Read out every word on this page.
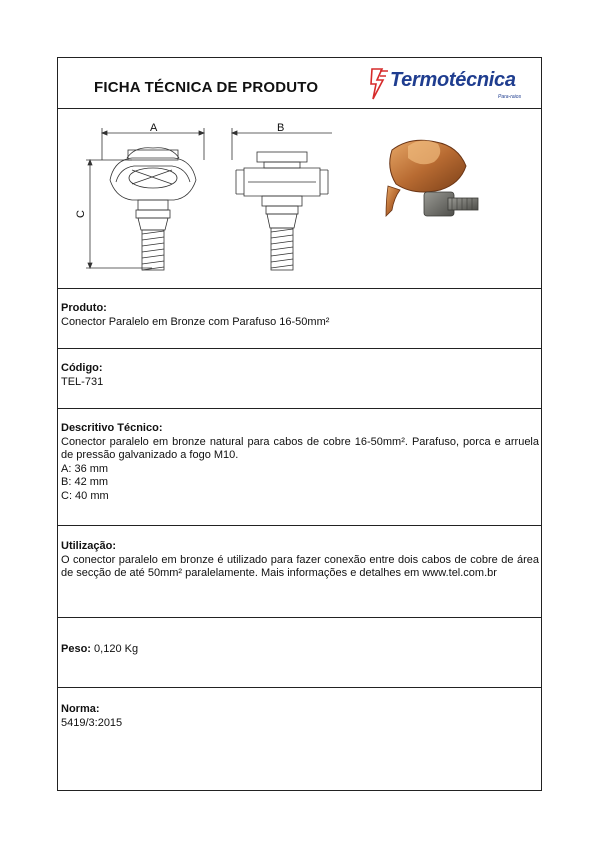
FICHA TÉCNICA DE PRODUTO	Termotécnica
Para-raios
A	B
C
Produto:
Conector Paralelo em Bronze com Parafuso 16-50mm²
Código:
TEL-731
Descritivo Técnico:
Conector paralelo em bronze natural para cabos de cobre 16-50mm². Parafuso, porca e arruela de pressão galvanizado a fogo M10.
A: 36 mm
B: 42 mm
C: 40 mm
Utilização:
O conector paralelo em bronze é utilizado para fazer conexão entre dois cabos de cobre de área de secção de até 50mm² paralelamente. Mais informações e detalhes em www.tel.com.br
Peso: 0,120 Kg
Norma:
5419/3:2015
